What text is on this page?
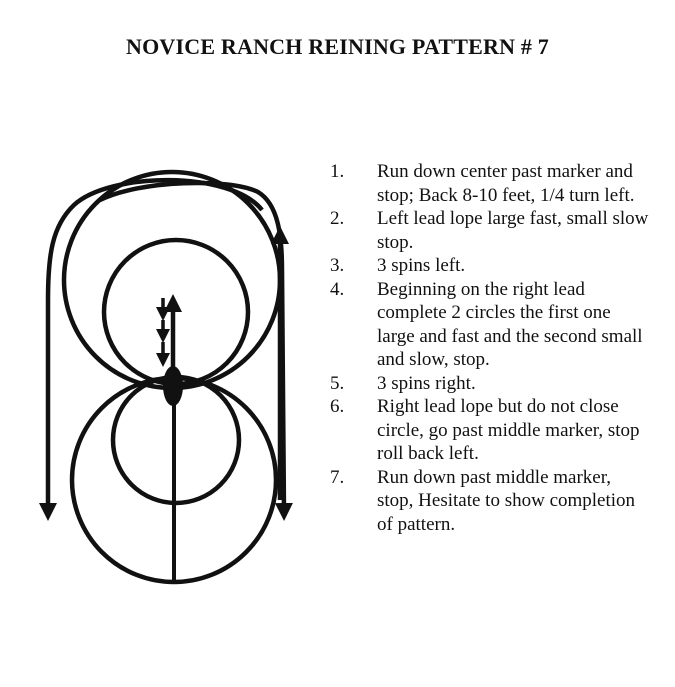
NOVICE RANCH REINING PATTERN # 7
1.	Run down center past marker and stop; Back 8-10 feet, 1/4 turn left.
2.	Left lead lope large fast, small slow stop.
3.	3 spins left.
4.	Beginning on the right lead complete 2 circles the first one large and fast and the second small and slow, stop.
5.	3 spins right.
6.	Right lead lope but do not close circle, go past middle marker, stop roll back left.
7.	Run down past middle marker, stop, Hesitate to show completion of pattern.
